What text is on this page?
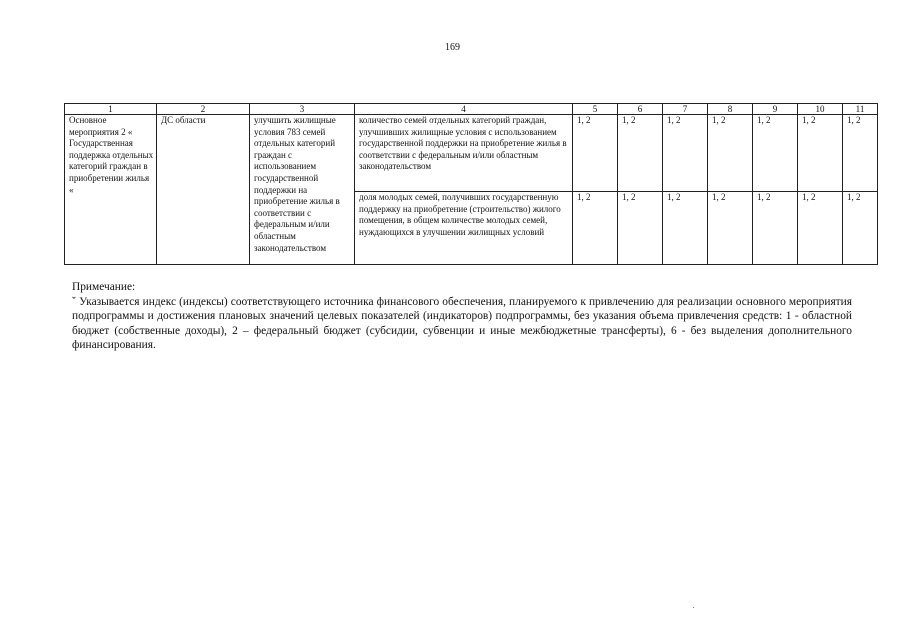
169
1	2	3	4	5	6	7	8	9	10	11
Основное мероприятия 2 « Государственная поддержка отдельных категорий граждан в приобретении жилья «	ДС области	улучшить жилищные условия 783 семей отдельных категорий граждан с использованием государственной поддержки на приобретение жилья в соответствии с федеральным и/или областным законодательством	количество семей отдельных категорий граждан, улучшивших жилищные условия с использованием государственной поддержки на приобретение жилья в соответствии с федеральным и/или областным законодательством	1, 2	1, 2	1, 2	1, 2	1, 2	1, 2	1, 2
			доля молодых семей, получивших государственную поддержку на приобретение (строительство) жилого помещения, в общем количестве молодых семей, нуждающихся в улучшении жилищных условий	1, 2	1, 2	1, 2	1, 2	1, 2	1, 2	1, 2
Примечание:
ˇ Указывается индекс (индексы) соответствующего источника финансового обеспечения, планируемого к привлечению для реализации основного мероприятия подпрограммы и достижения плановых значений целевых показателей (индикаторов) подпрограммы, без указания объема привлечения средств: 1 - областной бюджет (собственные доходы), 2 – федеральный бюджет (субсидии, субвенции и иные межбюджетные трансферты), 6 - без выделения дополнительного финансирования.
